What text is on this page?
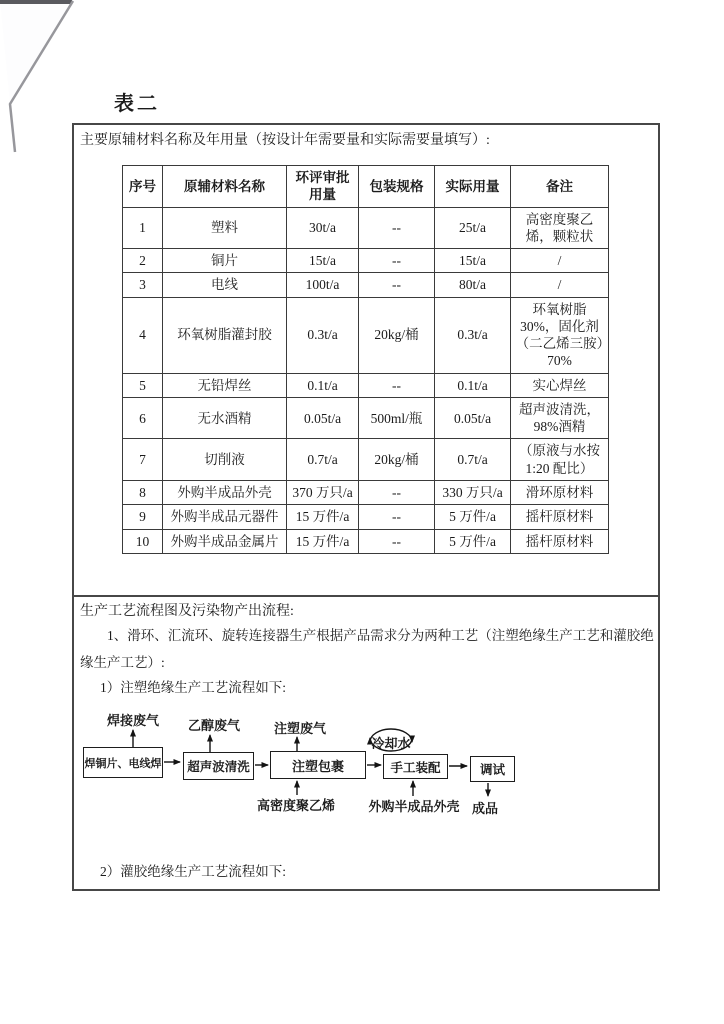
表二
主要原辅材料名称及年用量（按设计年需要量和实际需要量填写）:
序号	原辅材料名称	环评审批用量	包装规格	实际用量	备注
1	塑料	30t/a	--	25t/a	高密度聚乙烯，颗粒状
2	铜片	15t/a	--	15t/a	/
3	电线	100t/a	--	80t/a	/
4	环氧树脂灌封胶	0.3t/a	20kg/桶	0.3t/a	环氧树脂 30%，固化剂（二乙烯三胺）70%
5	无铅焊丝	0.1t/a	--	0.1t/a	实心焊丝
6	无水酒精	0.05t/a	500ml/瓶	0.05t/a	超声波清洗，98%酒精
7	切削液	0.7t/a	20kg/桶	0.7t/a	（原液与水按 1:20 配比）
8	外购半成品外壳	370 万只/a	--	330 万只/a	滑环原材料
9	外购半成品元器件	15 万件/a	--	5 万件/a	摇杆原材料
10	外购半成品金属片	15 万件/a	--	5 万件/a	摇杆原材料
生产工艺流程图及污染物产出流程:
1、滑环、汇流环、旋转连接器生产根据产品需求分为两种工艺（注塑绝缘生产工艺和灌胶绝缘生产工艺）:
1）注塑绝缘生产工艺流程如下:
2）灌胶绝缘生产工艺流程如下:
焊铜片、电线焊	超声波清洗	注塑包裹	手工装配	调试
焊接废气 乙醇废气	注塑废气
冷却水
高密度聚乙烯	外购半成品外壳 成品
